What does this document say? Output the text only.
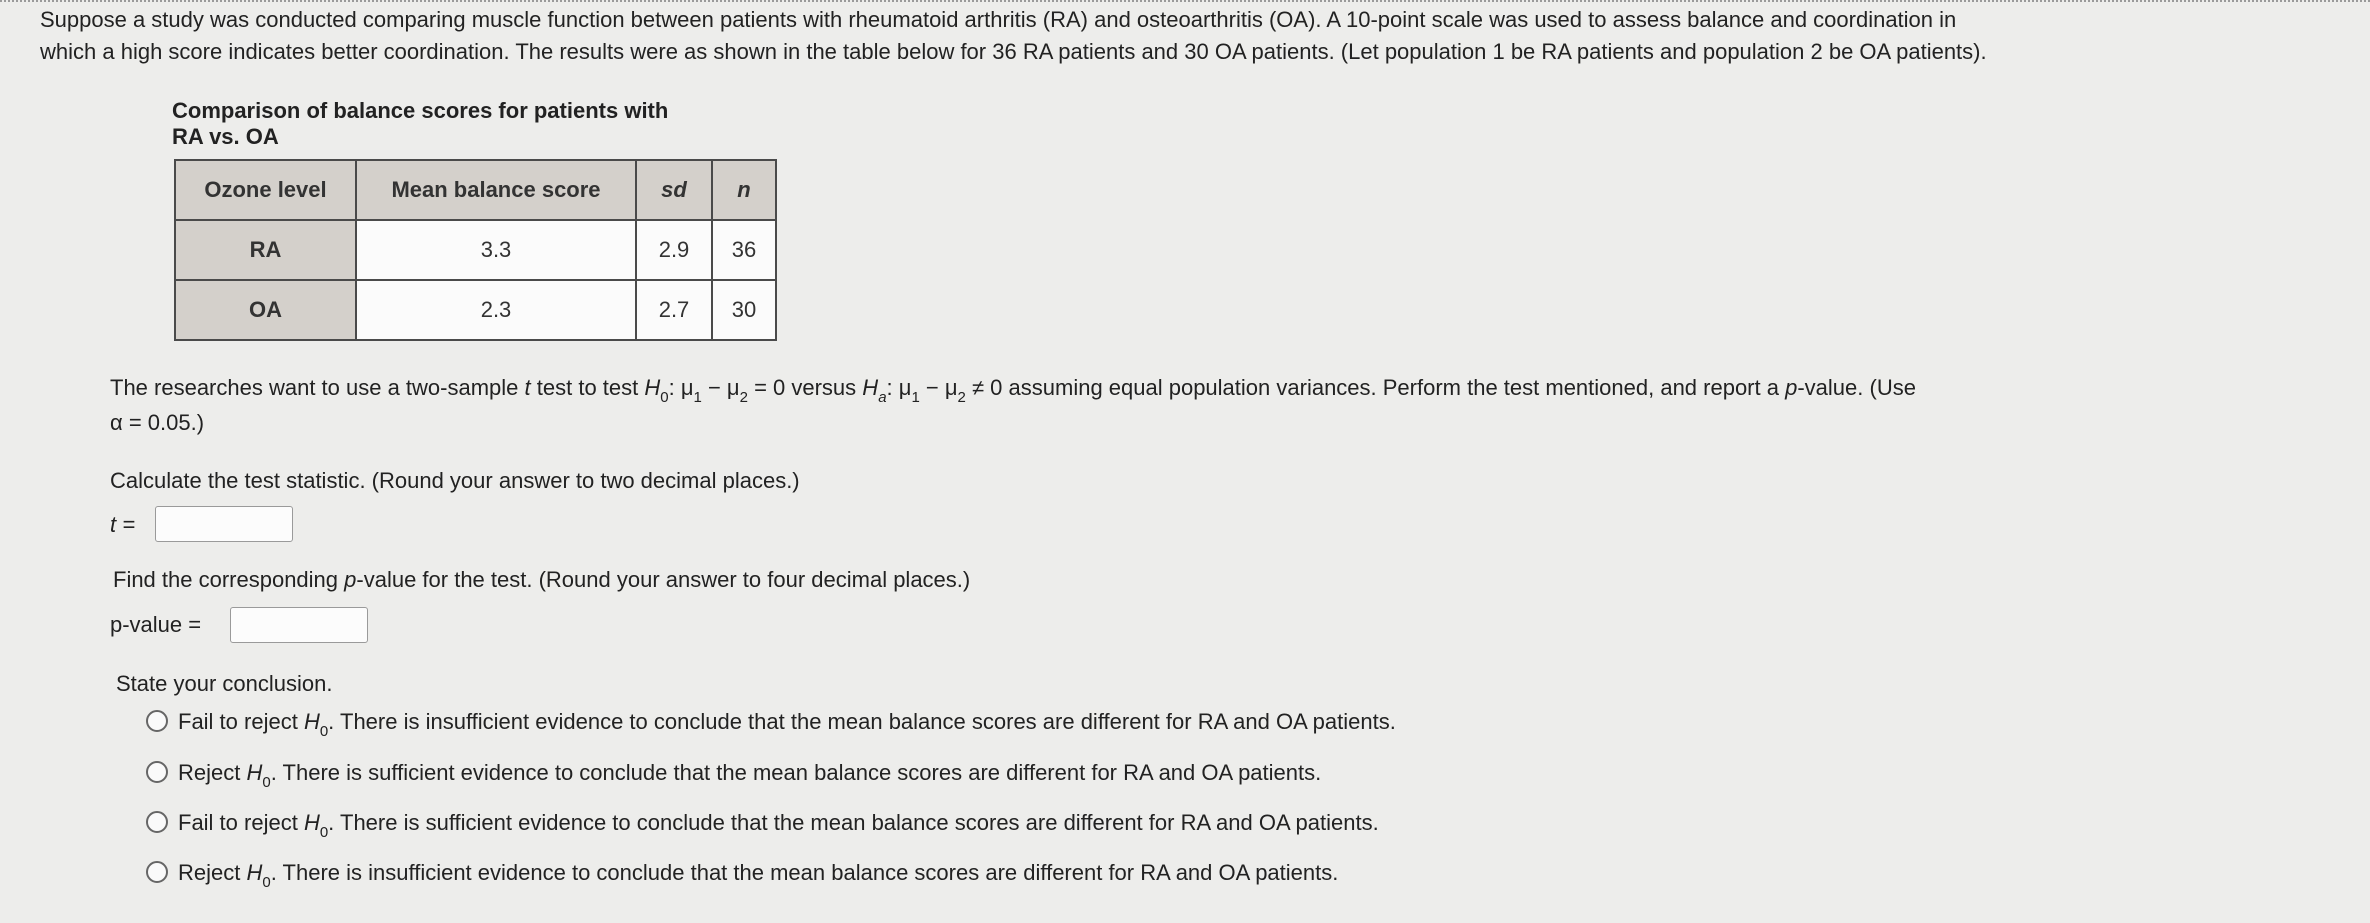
Suppose a study was conducted comparing muscle function between patients with rheumatoid arthritis (RA) and osteoarthritis (OA). A 10-point scale was used to assess balance and coordination in
which a high score indicates better coordination. The results were as shown in the table below for 36 RA patients and 30 OA patients. (Let population 1 be RA patients and population 2 be OA patients).
Comparison of balance scores for patients with
RA vs. OA
Ozone level	Mean balance score	sd	n
RA	3.3	2.9	36
OA	2.3	2.7	30
The researches want to use a two-sample t test to test $H_0$: $\mu_1 - \mu_2 = 0$ versus $H_a$: $\mu_1 - \mu_2 \ne 0$ assuming equal population variances. Perform the test mentioned, and report a p-value. (Use
α = 0.05.)
Calculate the test statistic. (Round your answer to two decimal places.)
t =
Find the corresponding p-value for the test. (Round your answer to four decimal places.)
p-value =
State your conclusion.
Fail to reject $H_0$. There is insufficient evidence to conclude that the mean balance scores are different for RA and OA patients.
Reject $H_0$. There is sufficient evidence to conclude that the mean balance scores are different for RA and OA patients.
Fail to reject $H_0$. There is sufficient evidence to conclude that the mean balance scores are different for RA and OA patients.
Reject $H_0$. There is insufficient evidence to conclude that the mean balance scores are different for RA and OA patients.
